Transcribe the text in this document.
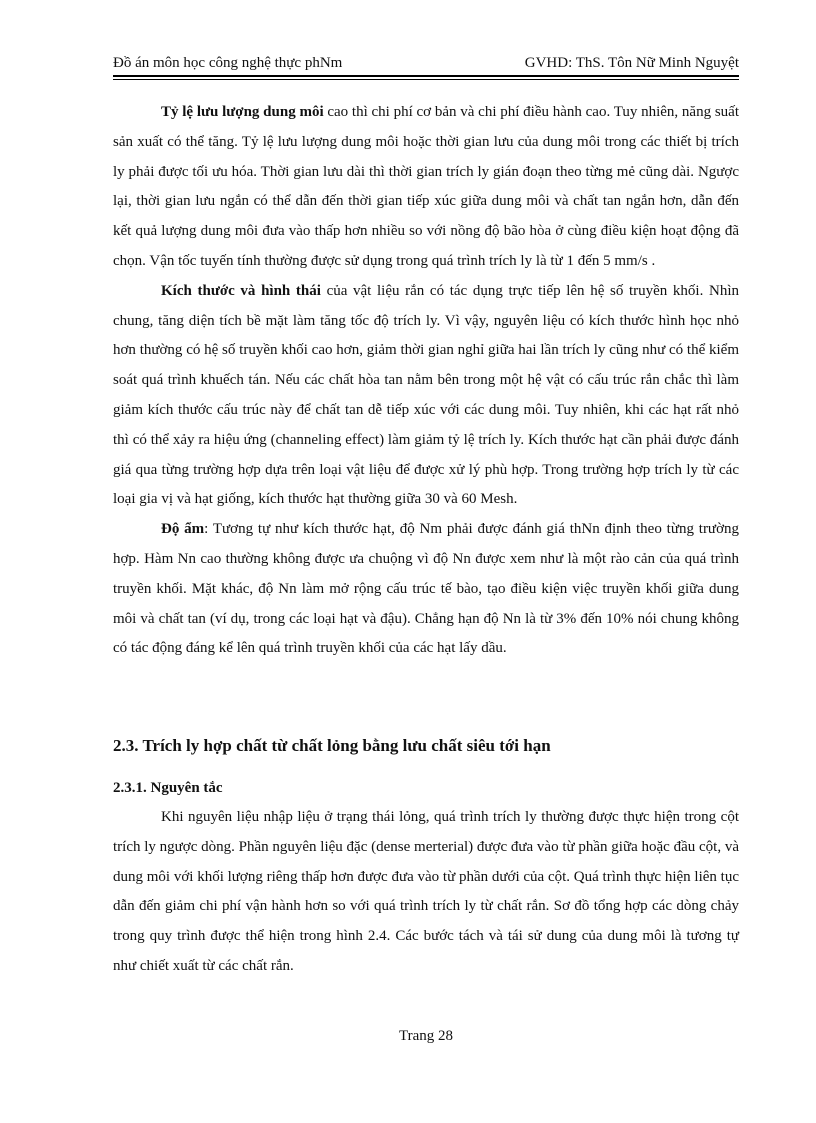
Đồ án môn học công nghệ thực phNm	GVHD: ThS. Tôn Nữ Minh Nguyệt

Tỷ lệ lưu lượng dung môi cao thì chi phí cơ bản và chi phí điều hành cao. Tuy nhiên, năng suất sản xuất có thể tăng. Tỷ lệ lưu lượng dung môi hoặc thời gian lưu của dung môi trong các thiết bị trích ly phải được tối ưu hóa. Thời gian lưu dài thì thời gian trích ly gián đoạn theo từng mẻ cũng dài. Ngược lại, thời gian lưu ngắn có thể dẫn đến thời gian tiếp xúc giữa dung môi và chất tan ngắn hơn, dẫn đến kết quả lượng dung môi đưa vào thấp hơn nhiều so với nồng độ bão hòa ở cùng điều kiện hoạt động đã chọn. Vận tốc tuyến tính thường được sử dụng trong quá trình trích ly là từ 1 đến 5 mm/s .

Kích thước và hình thái của vật liệu rắn có tác dụng trực tiếp lên hệ số truyền khối. Nhìn chung, tăng diện tích bề mặt làm tăng tốc độ trích ly. Vì vậy, nguyên liệu có kích thước hình học nhỏ hơn thường có hệ số truyền khối cao hơn, giảm thời gian nghỉ giữa hai lần trích ly cũng như có thể kiểm soát quá trình khuếch tán. Nếu các chất hòa tan nằm bên trong một hệ vật có cấu trúc rắn chắc thì làm giảm kích thước cấu trúc này để chất tan dễ tiếp xúc với các dung môi. Tuy nhiên, khi các hạt rất nhỏ thì có thể xảy ra hiệu ứng (channeling effect) làm giảm tỷ lệ trích ly. Kích thước hạt cần phải được đánh giá qua từng trường hợp dựa trên loại vật liệu để được xử lý phù hợp. Trong trường hợp trích ly từ các loại gia vị và hạt giống, kích thước hạt thường giữa 30 và 60 Mesh.

Độ ẩm: Tương tự như kích thước hạt, độ Nm phải được đánh giá thNn định theo từng trường hợp. Hàm Nn cao thường không được ưa chuộng vì độ Nn được xem như là một rào cản của quá trình truyền khối. Mặt khác, độ Nn làm mở rộng cấu trúc tế bào, tạo điều kiện việc truyền khối giữa dung môi và chất tan (ví dụ, trong các loại hạt và đậu). Chẳng hạn độ Nn là từ 3% đến 10% nói chung không có tác động đáng kể lên quá trình truyền khối của các hạt lấy dầu.

2.3. Trích ly hợp chất từ chất lỏng bằng lưu chất siêu tới hạn
2.3.1. Nguyên tắc

Khi nguyên liệu nhập liệu ở trạng thái lỏng, quá trình trích ly thường được thực hiện trong cột trích ly ngược dòng. Phần nguyên liệu đặc (dense merterial) được đưa vào từ phần giữa hoặc đầu cột, và dung môi với khối lượng riêng thấp hơn được đưa vào từ phần dưới của cột. Quá trình thực hiện liên tục dẫn đến giảm chi phí vận hành hơn so với quá trình trích ly từ chất rắn. Sơ đồ tổng hợp các dòng chảy trong quy trình được thể hiện trong hình 2.4. Các bước tách và tái sử dung của dung môi là tương tự như chiết xuất từ các chất rắn.

Trang 28
